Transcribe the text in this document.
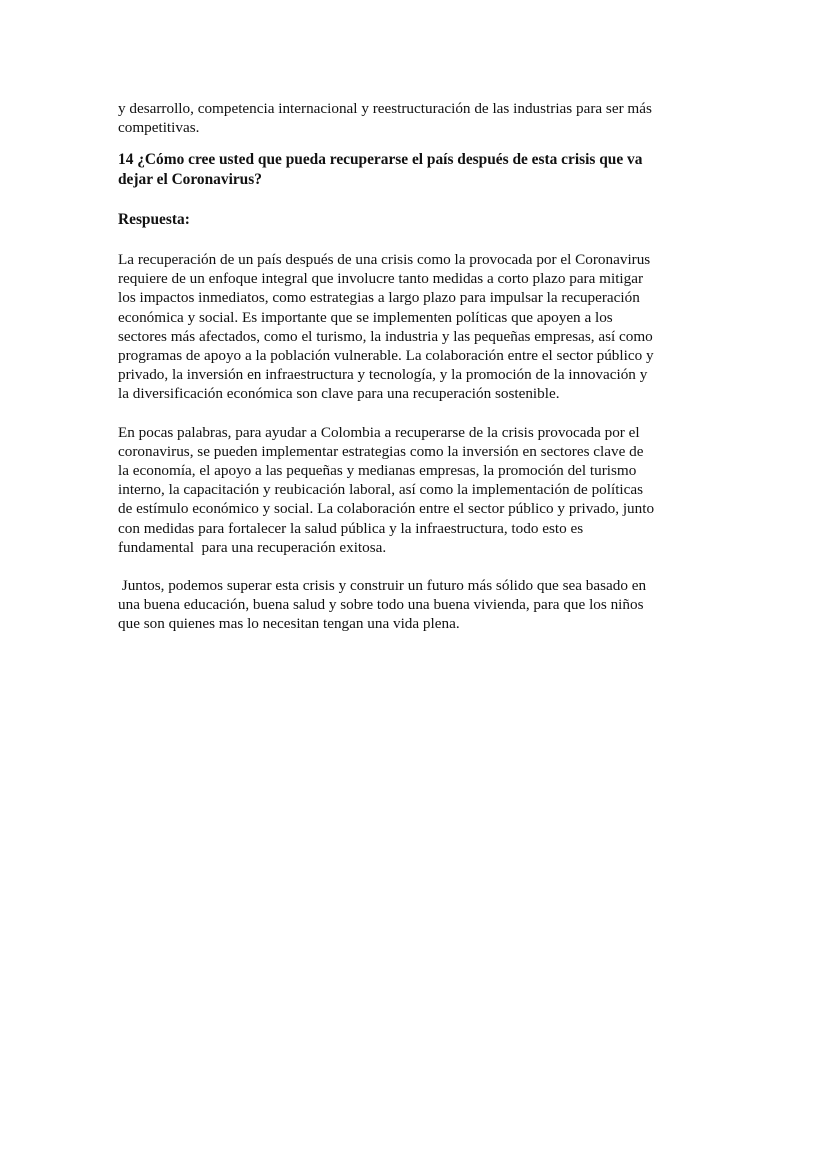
y desarrollo, competencia internacional y reestructuración de las industrias para ser más
competitivas.
14 ¿Cómo cree usted que pueda recuperarse el país después de esta crisis que va
dejar el Coronavirus?
Respuesta:
La recuperación de un país después de una crisis como la provocada por el Coronavirus
requiere de un enfoque integral que involucre tanto medidas a corto plazo para mitigar
los impactos inmediatos, como estrategias a largo plazo para impulsar la recuperación
económica y social. Es importante que se implementen políticas que apoyen a los
sectores más afectados, como el turismo, la industria y las pequeñas empresas, así como
programas de apoyo a la población vulnerable. La colaboración entre el sector público y
privado, la inversión en infraestructura y tecnología, y la promoción de la innovación y
la diversificación económica son clave para una recuperación sostenible.
En pocas palabras, para ayudar a Colombia a recuperarse de la crisis provocada por el
coronavirus, se pueden implementar estrategias como la inversión en sectores clave de
la economía, el apoyo a las pequeñas y medianas empresas, la promoción del turismo
interno, la capacitación y reubicación laboral, así como la implementación de políticas
de estímulo económico y social. La colaboración entre el sector público y privado, junto
con medidas para fortalecer la salud pública y la infraestructura, todo esto es
fundamental  para una recuperación exitosa.
Juntos, podemos superar esta crisis y construir un futuro más sólido que sea basado en
una buena educación, buena salud y sobre todo una buena vivienda, para que los niños
que son quienes mas lo necesitan tengan una vida plena.
